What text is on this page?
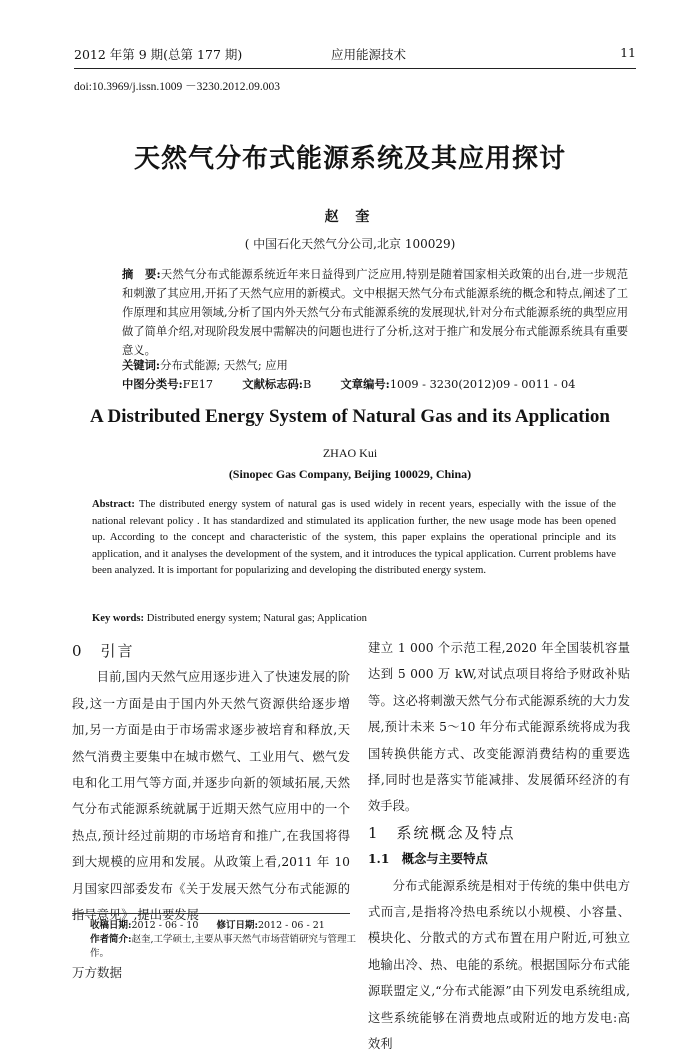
2012 年第 9 期(总第 177 期)	应用能源技术	11
doi:10.3969/j.issn.1009 －3230.2012.09.003
天然气分布式能源系统及其应用探讨
赵 奎
( 中国石化天然气分公司,北京 100029)
摘　要:天然气分布式能源系统近年来日益得到广泛应用,特别是随着国家相关政策的出台,进一步规范和刺激了其应用,开拓了天然气应用的新模式。文中根据天然气分布式能源系统的概念和特点,阐述了工作原理和其应用领域,分析了国内外天然气分布式能源系统的发展现状,针对分布式能源系统的典型应用做了简单介绍,对现阶段发展中需解决的问题也进行了分析,这对于推广和发展分布式能源系统具有重要意义。
关键词:分布式能源; 天然气; 应用
中图分类号:FE17	文献标志码:B	文章编号:1009 - 3230(2012)09 - 0011 - 04
A Distributed Energy System of Natural Gas and its Application
ZHAO Kui
(Sinopec Gas Company, Beijing 100029, China)
Abstract: The distributed energy system of natural gas is used widely in recent years, especially with the issue of the national relevant policy . It has standardized and stimulated its application further, the new usage mode has been opened up. According to the concept and characteristic of the system, this paper explains the operational principle and its application, and it analyses the development of the system, and it introduces the typical application. Current problems have been analyzed. It is important for popularizing and developing the distributed energy system.
Key words: Distributed energy system; Natural gas; Application
0　引言
目前,国内天然气应用逐步进入了快速发展的阶段,这一方面是由于国内外天然气资源供给逐步增加,另一方面是由于市场需求逐步被培育和释放,天然气消费主要集中在城市燃气、工业用气、燃气发电和化工用气等方面,并逐步向新的领域拓展,天然气分布式能源系统就属于近期天然气应用中的一个热点,预计经过前期的市场培育和推广,在我国将得到大规模的应用和发展。从政策上看,2011 年 10 月国家四部委发布《关于发展天然气分布式能源的指导意见》,提出要发展
建立 1 000 个示范工程,2020 年全国装机容量达到 5 000 万 kW,对试点项目将给予财政补贴等。这必将刺激天然气分布式能源系统的大力发展,预计未来 5～10 年分布式能源系统将成为我国转换供能方式、改变能源消费结构的重要选择,同时也是落实节能减排、发展循环经济的有效手段。
1　系统概念及特点
1.1　概念与主要特点
分布式能源系统是相对于传统的集中供电方式而言,是指将冷热电系统以小规模、小容量、模块化、分散式的方式布置在用户附近,可独立地输出冷、热、电能的系统。根据国际分布式能源联盟定义,“分布式能源”由下列发电系统组成,这些系统能够在消费地点或附近的地方发电:高效利
收稿日期:2012 - 06 - 10 修订日期:2012 - 06 - 21
作者简介:赵奎,工学硕士,主要从事天然气市场营销研究与管理工作。
万方数据
